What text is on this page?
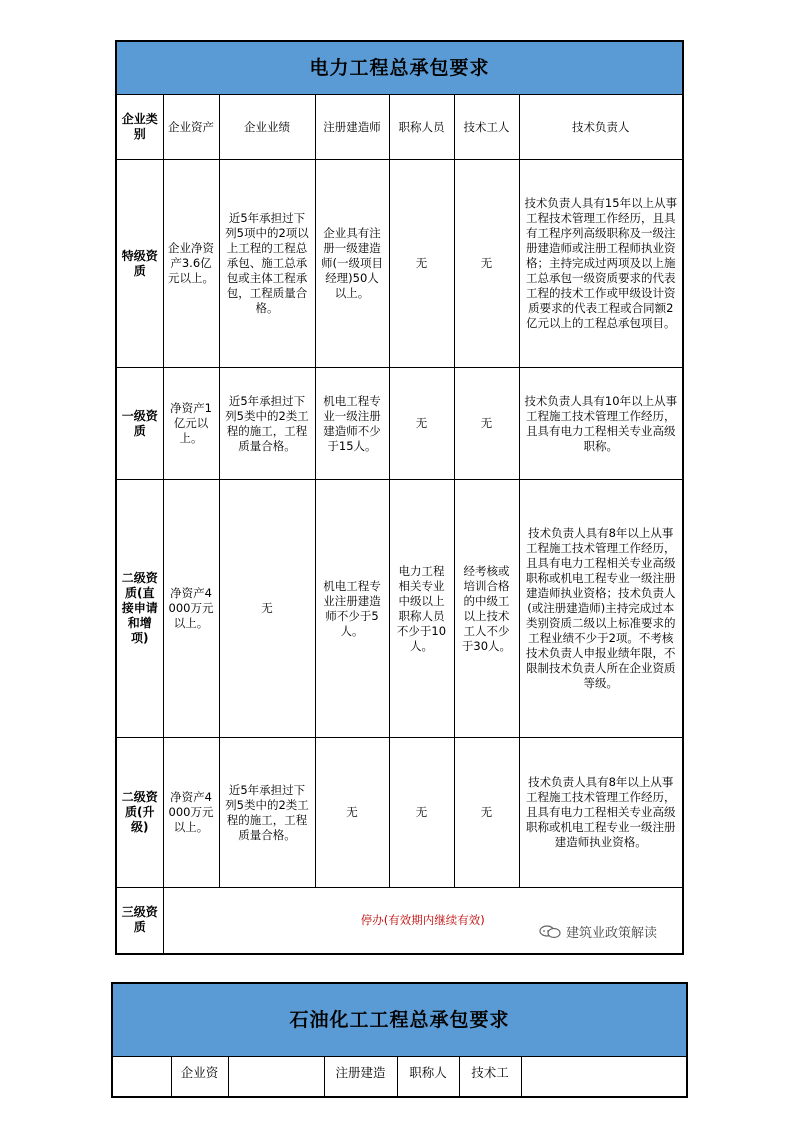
电力工程总承包要求						
企业类别	企业资产	企业业绩	注册建造师	职称人员	技术工人	技术负责人
特级资质	企业净资产3.6亿元以上。	近5年承担过下列5项中的2项以上工程的工程总承包、施工总承包或主体工程承包，工程质量合格。	企业具有注册一级建造师(一级项目经理)50人以上。	无	无	技术负责人具有15年以上从事工程技术管理工作经历，且具有工程序列高级职称及一级注册建造师或注册工程师执业资格；主持完成过两项及以上施工总承包一级资质要求的代表工程的技术工作或甲级设计资质要求的代表工程或合同额2亿元以上的工程总承包项目。
一级资质	净资产1亿元以上。	近5年承担过下列5类中的2类工程的施工，工程质量合格。	机电工程专业一级注册建造师不少于15人。	无	无	技术负责人具有10年以上从事工程施工技术管理工作经历，且具有电力工程相关专业高级职称。
二级资质(直接申请和增项)	净资产4000万元以上。	无	机电工程专业注册建造师不少于5人。	电力工程相关专业中级以上职称人员不少于10人。	经考核或培训合格的中级工以上技术工人不少于30人。	技术负责人具有8年以上从事工程施工技术管理工作经历，且具有电力工程相关专业高级职称或机电工程专业一级注册建造师执业资格；技术负责人(或注册建造师)主持完成过本类别资质二级以上标准要求的工程业绩不少于2项。不考核技术负责人申报业绩年限，不限制技术负责人所在企业资质等级。
二级资质(升级)	净资产4000万元以上。	近5年承担过下列5类中的2类工程的施工，工程质量合格。	无	无	无	技术负责人具有8年以上从事工程施工技术管理工作经历，且具有电力工程相关专业高级职称或机电工程专业一级注册建造师执业资格。
三级资质	停办(有效期内继续有效)					
建筑业政策解读
石油化工工程总承包要求
	企业资		注册建造	职称人	技术工	
